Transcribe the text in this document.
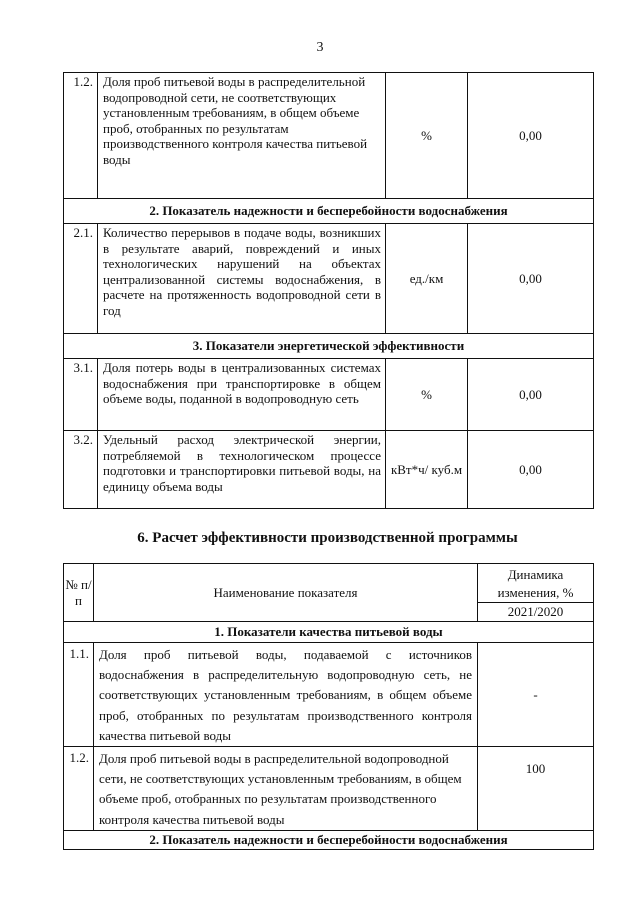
3
1.2.	Доля проб питьевой воды в распределительной водопроводной сети, не соответствующих установленным требованиям, в общем объеме проб, отобранных по результатам производственного контроля качества питьевой воды	%	0,00
2. Показатель надежности и бесперебойности водоснабжения			
2.1.	Количество перерывов в подаче воды, возникших в результате аварий, повреждений и иных технологических нарушений на объектах централизованной системы водоснабжения, в расчете на протяженность водопроводной сети в год	ед./км	0,00
3. Показатели энергетической эффективности			
3.1.	Доля потерь воды в централизованных системах водоснабжения при транспортировке в общем объеме воды, поданной в водопроводную сеть	%	0,00
3.2.	Удельный расход электрической энергии, потребляемой в технологическом процессе подготовки и транспортировки питьевой воды, на единицу объема воды	кВт*ч/ куб.м	0,00
6. Расчет эффективности производственной программы
№ п/п	Наименование показателя	Динамика изменения, %
		2021/2020
1. Показатели качества питьевой воды		
1.1.	Доля проб питьевой воды, подаваемой с источников водоснабжения в распределительную водопроводную сеть, не соответствующих установленным требованиям, в общем объеме проб, отобранных по результатам производственного контроля качества питьевой воды	-
1.2.	Доля проб питьевой воды в распределительной водопроводной сети, не соответствующих установленным требованиям, в общем объеме проб, отобранных по результатам производственного контроля качества питьевой воды	100
2. Показатель надежности и бесперебойности водоснабжения		
